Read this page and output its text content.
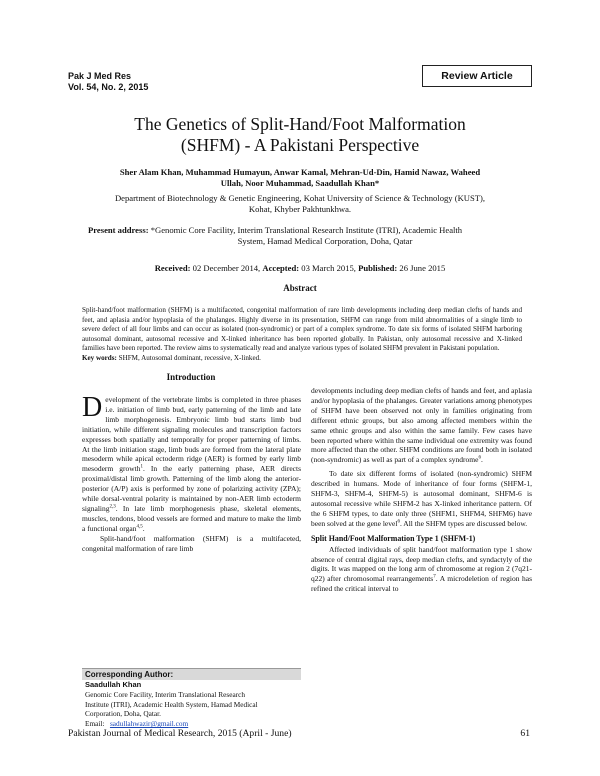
Pak J Med Res
Vol. 54, No. 2, 2015
Review Article
The Genetics of Split-Hand/Foot Malformation
(SHFM) - A Pakistani Perspective
Sher Alam Khan, Muhammad Humayun, Anwar Kamal, Mehran-Ud-Din, Hamid Nawaz, Waheed
Ullah, Noor Muhammad, Saadullah Khan*
Department of Biotechnology & Genetic Engineering, Kohat University of Science & Technology (KUST),
Kohat, Khyber Pakhtunkhwa.
Present address: *Genomic Core Facility, Interim Translational Research Institute (ITRI), Academic Health
System, Hamad Medical Corporation, Doha, Qatar
Received: 02 December 2014, Accepted: 03 March 2015, Published: 26 June 2015
Abstract
Split-hand/foot malformation (SHFM) is a multifaceted, congenital malformation of rare limb developments including deep median clefts of hands and feet, and aplasia and/or hypoplasia of the phalanges. Highly diverse in its presentation, SHFM can range from mild abnormalities of a single limb to severe defect of all four limbs and can occur as isolated (non-syndromic) or part of a complex syndrome. To date six forms of isolated SHFM harboring autosomal dominant, autosomal recessive and X-linked inheritance has been reported globally. In Pakistan, only autosomal recessive and X-linked families have been reported. The review aims to systematically read and analyze various types of isolated SHFM prevalent in Pakistani population.
Key words: SHFM, Autosomal dominant, recessive, X-linked.
Introduction

Development of the vertebrate limbs is completed in three phases i.e. initiation of limb bud, early patterning of the limb and late limb morphogenesis. Embryonic limb bud starts limb bud initiation, while different signaling molecules and transcription factors expresses both spatially and temporally for proper patterning of limbs. At the limb initiation stage, limb buds are formed from the lateral plate mesoderm while apical ectoderm ridge (AER) is formed by early limb mesoderm growth$^1$. In the early patterning phase, AER directs proximal/distal limb growth. Patterning of the limb along the anterior-posterior (A/P) axis is performed by zone of polarizing activity (ZPA); while dorsal-ventral polarity is maintained by non-AER limb ectoderm signaling$^{2,3}$. In late limb morphogenesis phase, skeletal elements, muscles, tendons, blood vessels are formed and mature to make the limb a functional organ$^{4,5}$.

Split-hand/foot malformation (SHFM) is a multifaceted, congenital malformation of rare limb

developments including deep median clefts of hands and feet, and aplasia and/or hypoplasia of the phalanges. Greater variations among phenotypes of SHFM have been observed not only in families originating from different ethnic groups, but also among affected members within the same ethnic groups and also within the same family. Few cases have been reported where within the same individual one extremity was found more affected than the other. SHFM conditions are found both in isolated (non-syndromic) as well as part of a complex syndrome$^6$.

To date six different forms of isolated (non-syndromic) SHFM described in humans. Mode of inheritance of four forms (SHFM-1, SHFM-3, SHFM-4, SHFM-5) is autosomal dominant, SHFM-6 is autosomal recessive while SHFM-2 has X-linked inheritance pattern. Of the 6 SHFM types, to date only three (SHFM1, SHFM4, SHFM6) have been solved at the gene level$^6$. All the SHFM types are discussed below.

Split Hand/Foot Malformation Type 1 (SHFM-1)

Affected individuals of split hand/foot malformation type 1 show absence of central digital rays, deep median clefts, and syndactyly of the digits. It was mapped on the long arm of chromosome at region 2 (7q21-q22) after chromosomal rearrangements$^7$. A microdeletion of region has refined the critical interval to

Corresponding Author:
Saadullah Khan
Genomic Core Facility, Interim Translational Research
Institute (ITRI), Academic Health System, Hamad Medical
Corporation, Doha, Qatar.
Email: sadullahwazir@gmail.com
Pakistan Journal of Medical Research, 2015 (April - June)	61
